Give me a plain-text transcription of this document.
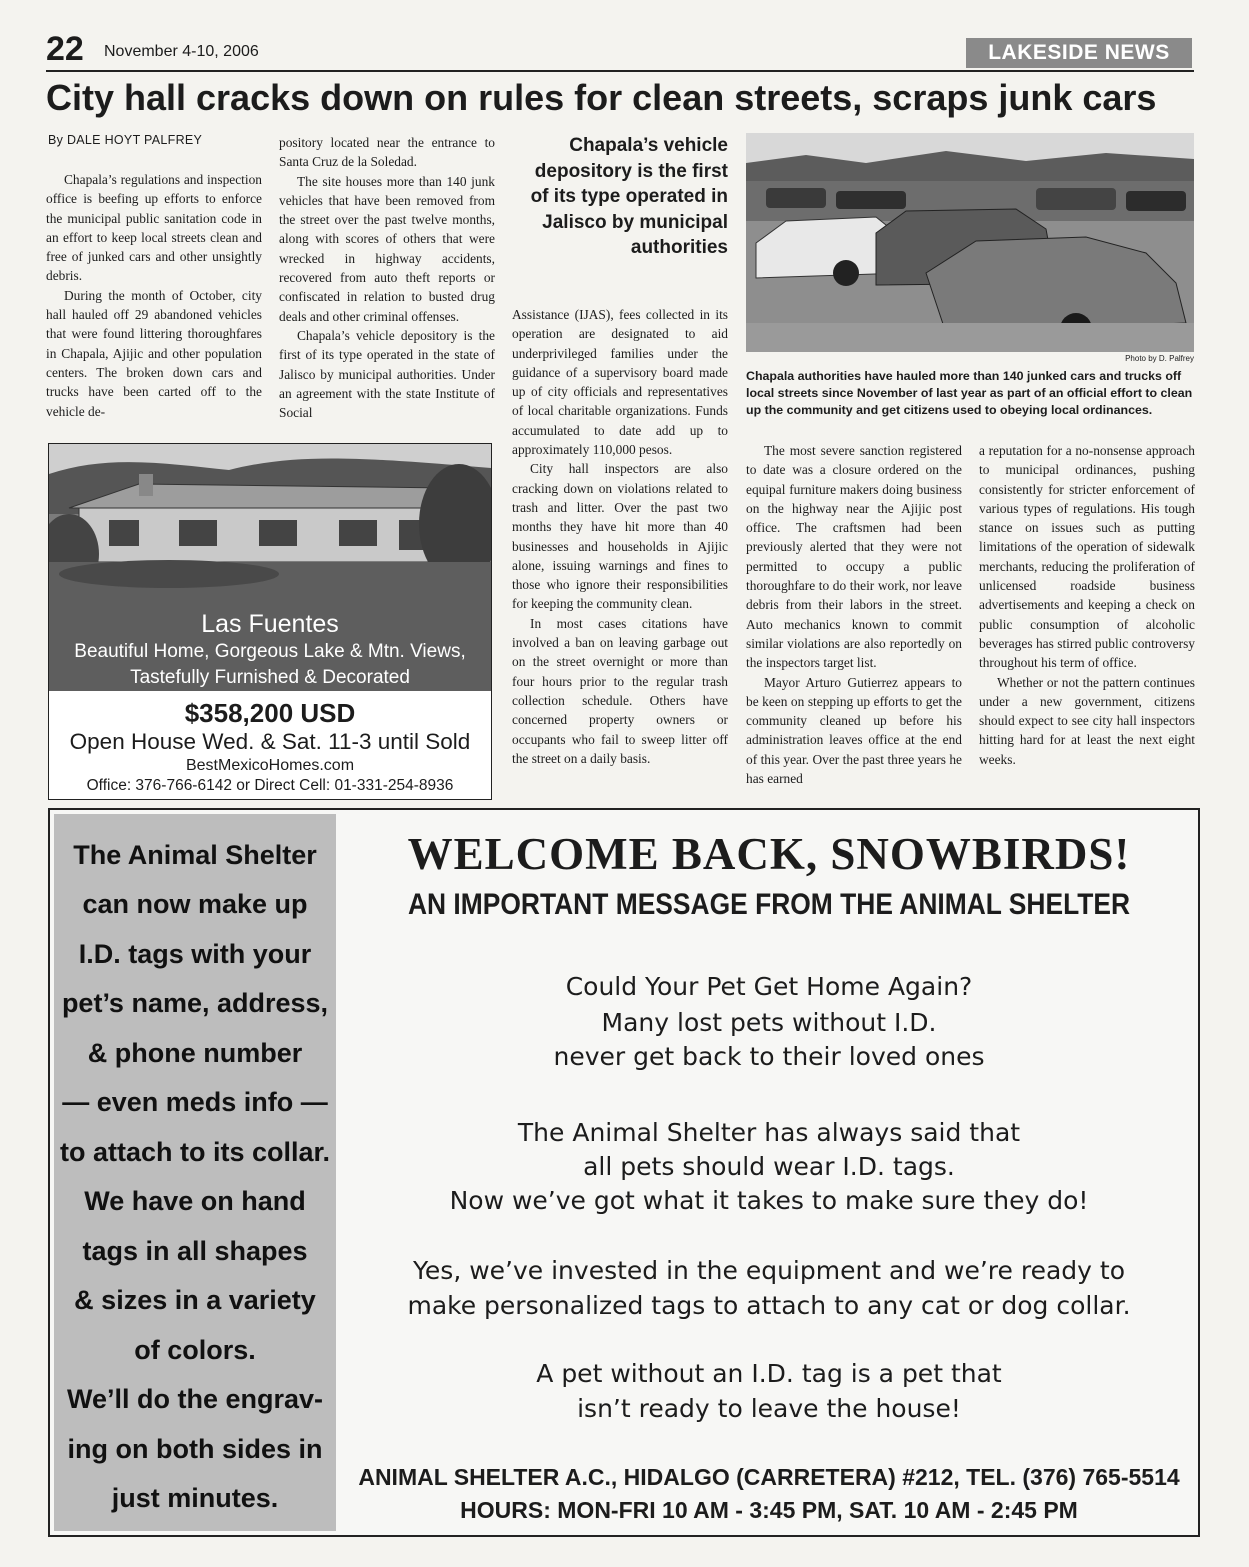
22 November 4-10, 2006	LAKESIDE NEWS
City hall cracks down on rules for clean streets, scraps junk cars
By DALE HOYT PALFREY

Chapala’s regulations and inspection office is beefing up efforts to enforce the municipal public sanitation code in an effort to keep local streets clean and free of junked cars and other unsightly debris.

During the month of October, city hall hauled off 29 abandoned vehicles that were found littering thoroughfares in Chapala, Ajijic and other population centers. The broken down cars and trucks have been carted off to the vehicle de-

pository located near the entrance to Santa Cruz de la Soledad.

The site houses more than 140 junk vehicles that have been removed from the street over the past twelve months, along with scores of others that were wrecked in highway accidents, recovered from auto theft reports or confiscated in relation to busted drug deals and other criminal offenses.

Chapala’s vehicle depository is the first of its type operated in the state of Jalisco by municipal authorities. Under an agreement with the state Institute of Social

Chapala’s vehicle depository is the first of its type operated in Jalisco by municipal authorities

Assistance (IJAS), fees collected in its operation are designated to aid underprivileged families under the guidance of a supervisory board made up of city officials and representatives of local charitable organizations. Funds accumulated to date add up to approximately 110,000 pesos.

City hall inspectors are also cracking down on violations related to trash and litter. Over the past two months they have hit more than 40 businesses and households in Ajijic alone, issuing warnings and fines to those who ignore their responsibilities for keeping the community clean.

In most cases citations have involved a ban on leaving garbage out on the street overnight or more than four hours prior to the regular trash collection schedule. Others have concerned property owners or occupants who fail to sweep litter off the street on a daily basis.

Photo by D. Palfrey
Chapala authorities have hauled more than 140 junked cars and trucks off local streets since November of last year as part of an official effort to clean up the community and get citizens used to obeying local ordinances.

The most severe sanction registered to date was a closure ordered on the equipal furniture makers doing business on the highway near the Ajijic post office. The craftsmen had been previously alerted that they were not permitted to occupy a public thoroughfare to do their work, nor leave debris from their labors in the street. Auto mechanics known to commit similar violations are also reportedly on the inspectors target list.

Mayor Arturo Gutierrez appears to be keen on stepping up efforts to get the community cleaned up before his administration leaves office at the end of this year. Over the past three years he has earned

a reputation for a no-nonsense approach to municipal ordinances, pushing consistently for stricter enforcement of various types of regulations. His tough stance on issues such as putting limitations of the operation of sidewalk merchants, reducing the proliferation of unlicensed roadside business advertisements and keeping a check on public consumption of alcoholic beverages has stirred public controversy throughout his term of office.

Whether or not the pattern continues under a new government, citizens should expect to see city hall inspectors hitting hard for at least the next eight weeks.

Las Fuentes
Beautiful Home, Gorgeous Lake & Mtn. Views,
Tastefully Furnished & Decorated
$358,200 USD
Open House Wed. & Sat. 11-3 until Sold
BestMexicoHomes.com
Office: 376-766-6142 or Direct Cell: 01-331-254-8936
The Animal Shelter
can now make up
I.D. tags with your
pet’s name, address,
& phone number
— even meds info —
to attach to its collar.
We have on hand
tags in all shapes
& sizes in a variety
of colors.
We’ll do the engrav-
ing on both sides in
just minutes.
WELCOME BACK, SNOWBIRDS!
AN IMPORTANT MESSAGE FROM THE ANIMAL SHELTER
Could Your Pet Get Home Again?
Many lost pets without I.D.
never get back to their loved ones
The Animal Shelter has always said that
all pets should wear I.D. tags.
Now we’ve got what it takes to make sure they do!
Yes, we’ve invested in the equipment and we’re ready to
make personalized tags to attach to any cat or dog collar.
A pet without an I.D. tag is a pet that
isn’t ready to leave the house!
ANIMAL SHELTER A.C., HIDALGO (CARRETERA) #212, TEL. (376) 765-5514
HOURS: MON-FRI 10 AM - 3:45 PM, SAT. 10 AM - 2:45 PM
